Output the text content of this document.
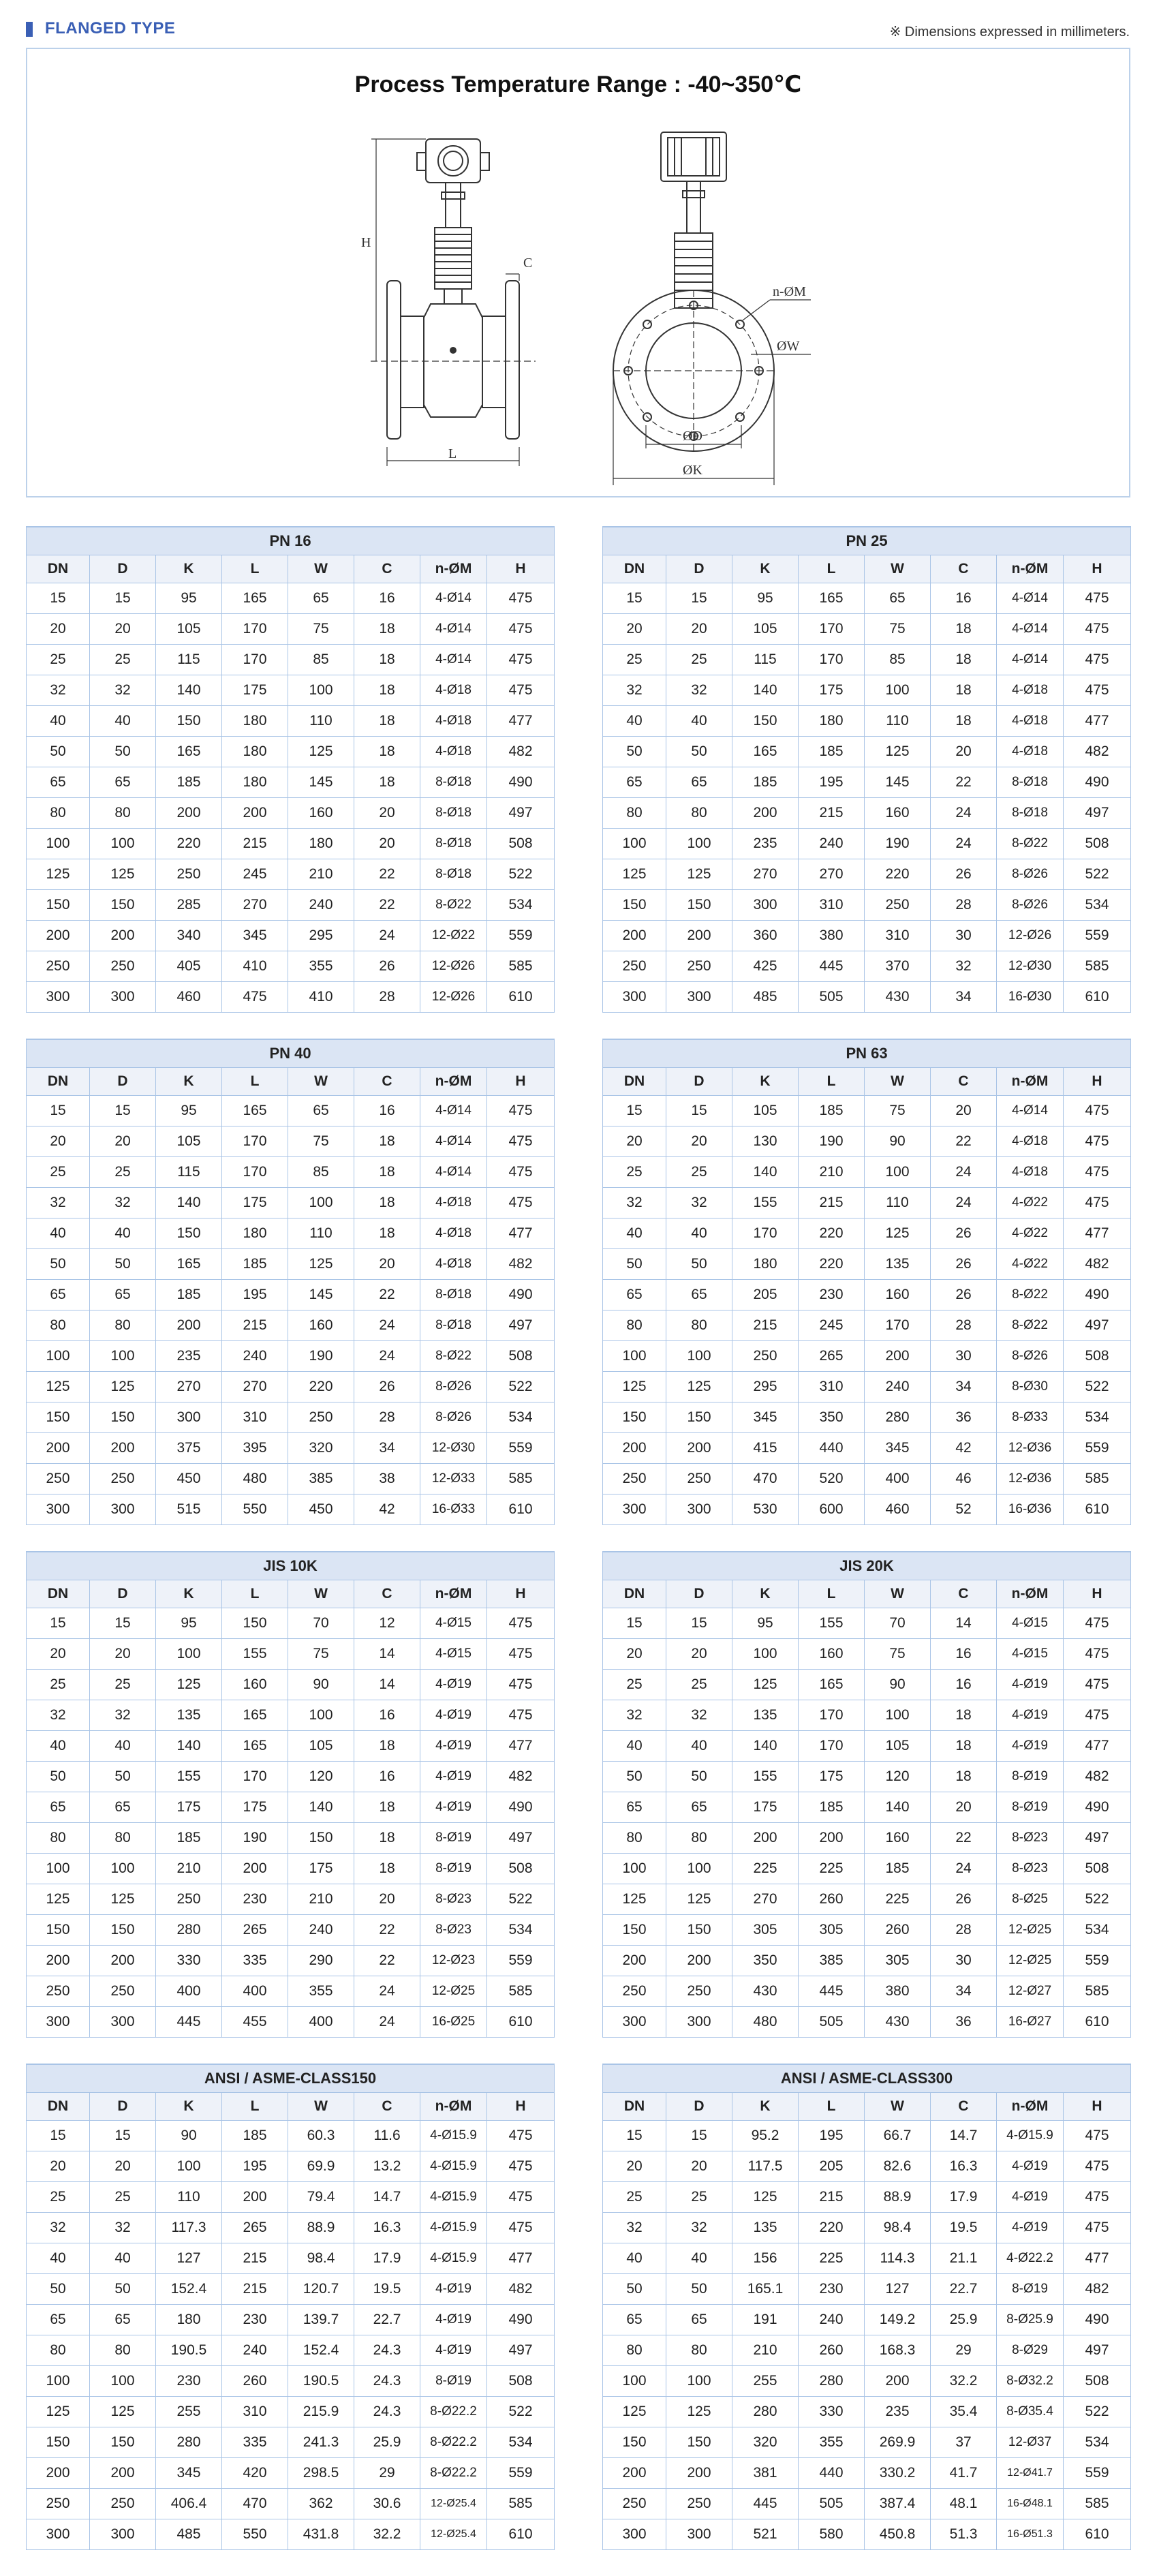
FLANGED TYPE	※ Dimensions expressed in millimeters.
Process Temperature Range : -40~350℃
H
C
L
n-ØM
ØW
ØD
ØK
PN 16							
DN	D	K	L	W	C	n-ØM	H
15	15	95	165	65	16	4-Ø14	475
20	20	105	170	75	18	4-Ø14	475
25	25	115	170	85	18	4-Ø14	475
32	32	140	175	100	18	4-Ø18	475
40	40	150	180	110	18	4-Ø18	477
50	50	165	180	125	18	4-Ø18	482
65	65	185	180	145	18	8-Ø18	490
80	80	200	200	160	20	8-Ø18	497
100	100	220	215	180	20	8-Ø18	508
125	125	250	245	210	22	8-Ø18	522
150	150	285	270	240	22	8-Ø22	534
200	200	340	345	295	24	12-Ø22	559
250	250	405	410	355	26	12-Ø26	585
300	300	460	475	410	28	12-Ø26	610
PN 25							
DN	D	K	L	W	C	n-ØM	H
15	15	95	165	65	16	4-Ø14	475
20	20	105	170	75	18	4-Ø14	475
25	25	115	170	85	18	4-Ø14	475
32	32	140	175	100	18	4-Ø18	475
40	40	150	180	110	18	4-Ø18	477
50	50	165	185	125	20	4-Ø18	482
65	65	185	195	145	22	8-Ø18	490
80	80	200	215	160	24	8-Ø18	497
100	100	235	240	190	24	8-Ø22	508
125	125	270	270	220	26	8-Ø26	522
150	150	300	310	250	28	8-Ø26	534
200	200	360	380	310	30	12-Ø26	559
250	250	425	445	370	32	12-Ø30	585
300	300	485	505	430	34	16-Ø30	610
PN 40							
DN	D	K	L	W	C	n-ØM	H
15	15	95	165	65	16	4-Ø14	475
20	20	105	170	75	18	4-Ø14	475
25	25	115	170	85	18	4-Ø14	475
32	32	140	175	100	18	4-Ø18	475
40	40	150	180	110	18	4-Ø18	477
50	50	165	185	125	20	4-Ø18	482
65	65	185	195	145	22	8-Ø18	490
80	80	200	215	160	24	8-Ø18	497
100	100	235	240	190	24	8-Ø22	508
125	125	270	270	220	26	8-Ø26	522
150	150	300	310	250	28	8-Ø26	534
200	200	375	395	320	34	12-Ø30	559
250	250	450	480	385	38	12-Ø33	585
300	300	515	550	450	42	16-Ø33	610
PN 63							
DN	D	K	L	W	C	n-ØM	H
15	15	105	185	75	20	4-Ø14	475
20	20	130	190	90	22	4-Ø18	475
25	25	140	210	100	24	4-Ø18	475
32	32	155	215	110	24	4-Ø22	475
40	40	170	220	125	26	4-Ø22	477
50	50	180	220	135	26	4-Ø22	482
65	65	205	230	160	26	8-Ø22	490
80	80	215	245	170	28	8-Ø22	497
100	100	250	265	200	30	8-Ø26	508
125	125	295	310	240	34	8-Ø30	522
150	150	345	350	280	36	8-Ø33	534
200	200	415	440	345	42	12-Ø36	559
250	250	470	520	400	46	12-Ø36	585
300	300	530	600	460	52	16-Ø36	610
JIS 10K							
DN	D	K	L	W	C	n-ØM	H
15	15	95	150	70	12	4-Ø15	475
20	20	100	155	75	14	4-Ø15	475
25	25	125	160	90	14	4-Ø19	475
32	32	135	165	100	16	4-Ø19	475
40	40	140	165	105	18	4-Ø19	477
50	50	155	170	120	16	4-Ø19	482
65	65	175	175	140	18	4-Ø19	490
80	80	185	190	150	18	8-Ø19	497
100	100	210	200	175	18	8-Ø19	508
125	125	250	230	210	20	8-Ø23	522
150	150	280	265	240	22	8-Ø23	534
200	200	330	335	290	22	12-Ø23	559
250	250	400	400	355	24	12-Ø25	585
300	300	445	455	400	24	16-Ø25	610
JIS 20K							
DN	D	K	L	W	C	n-ØM	H
15	15	95	155	70	14	4-Ø15	475
20	20	100	160	75	16	4-Ø15	475
25	25	125	165	90	16	4-Ø19	475
32	32	135	170	100	18	4-Ø19	475
40	40	140	170	105	18	4-Ø19	477
50	50	155	175	120	18	8-Ø19	482
65	65	175	185	140	20	8-Ø19	490
80	80	200	200	160	22	8-Ø23	497
100	100	225	225	185	24	8-Ø23	508
125	125	270	260	225	26	8-Ø25	522
150	150	305	305	260	28	12-Ø25	534
200	200	350	385	305	30	12-Ø25	559
250	250	430	445	380	34	12-Ø27	585
300	300	480	505	430	36	16-Ø27	610
ANSI / ASME-CLASS150							
DN	D	K	L	W	C	n-ØM	H
15	15	90	185	60.3	11.6	4-Ø15.9	475
20	20	100	195	69.9	13.2	4-Ø15.9	475
25	25	110	200	79.4	14.7	4-Ø15.9	475
32	32	117.3	265	88.9	16.3	4-Ø15.9	475
40	40	127	215	98.4	17.9	4-Ø15.9	477
50	50	152.4	215	120.7	19.5	4-Ø19	482
65	65	180	230	139.7	22.7	4-Ø19	490
80	80	190.5	240	152.4	24.3	4-Ø19	497
100	100	230	260	190.5	24.3	8-Ø19	508
125	125	255	310	215.9	24.3	8-Ø22.2	522
150	150	280	335	241.3	25.9	8-Ø22.2	534
200	200	345	420	298.5	29	8-Ø22.2	559
250	250	406.4	470	362	30.6	12-Ø25.4	585
300	300	485	550	431.8	32.2	12-Ø25.4	610
ANSI / ASME-CLASS300							
DN	D	K	L	W	C	n-ØM	H
15	15	95.2	195	66.7	14.7	4-Ø15.9	475
20	20	117.5	205	82.6	16.3	4-Ø19	475
25	25	125	215	88.9	17.9	4-Ø19	475
32	32	135	220	98.4	19.5	4-Ø19	475
40	40	156	225	114.3	21.1	4-Ø22.2	477
50	50	165.1	230	127	22.7	8-Ø19	482
65	65	191	240	149.2	25.9	8-Ø25.9	490
80	80	210	260	168.3	29	8-Ø29	497
100	100	255	280	200	32.2	8-Ø32.2	508
125	125	280	330	235	35.4	8-Ø35.4	522
150	150	320	355	269.9	37	12-Ø37	534
200	200	381	440	330.2	41.7	12-Ø41.7	559
250	250	445	505	387.4	48.1	16-Ø48.1	585
300	300	521	580	450.8	51.3	16-Ø51.3	610
